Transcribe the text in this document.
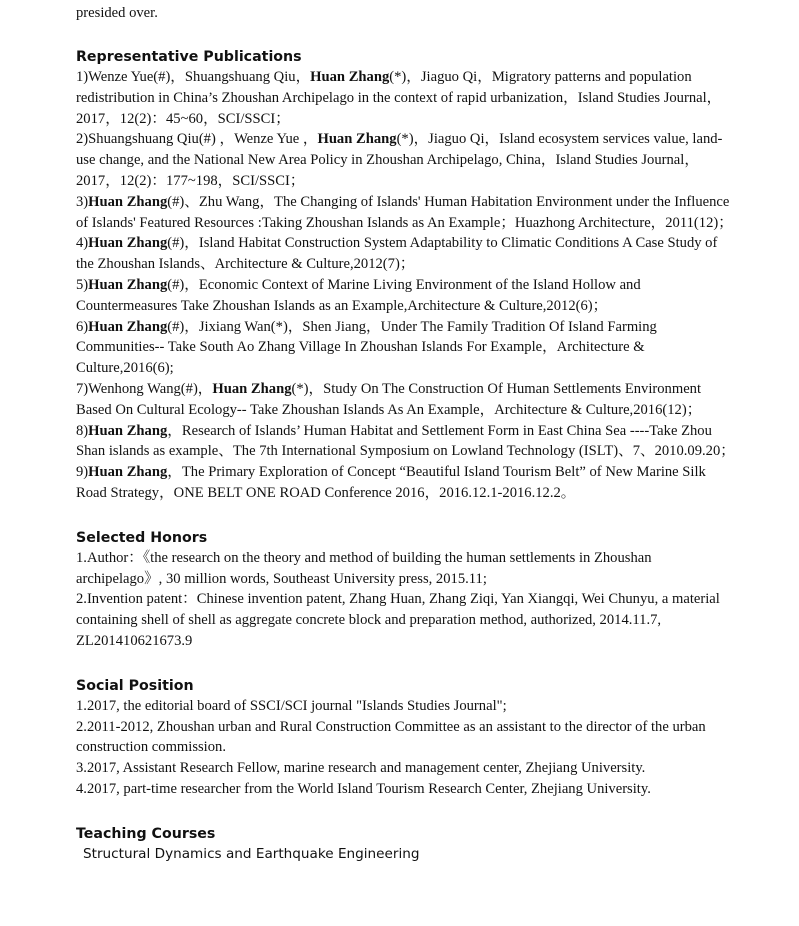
presided over.
Representative Publications

1)Wenze Yue(#)，Shuangshuang Qiu，Huan Zhang(*)，Jiaguo Qi，Migratory patterns and population redistribution in China’s Zhoushan Archipelago in the context of rapid urbanization，Island Studies Journal，2017，12(2)：45~60，SCI/SSCI；

2)Shuangshuang Qiu(#) ，Wenze Yue ，Huan Zhang(*)，Jiaguo Qi，Island ecosystem services value, land-use change, and the National New Area Policy in Zhoushan Archipelago, China，Island Studies Journal，2017，12(2)：177~198，SCI/SSCI；

3)Huan Zhang(#)、Zhu Wang，The Changing of Islands' Human Habitation Environment under the Influence of Islands' Featured Resources :Taking Zhoushan Islands as An Example；Huazhong Architecture，2011(12)；

4)Huan Zhang(#)，Island Habitat Construction System Adaptability to Climatic Conditions A Case Study of the Zhoushan Islands、Architecture & Culture,2012(7)；

5)Huan Zhang(#)，Economic Context of Marine Living Environment of the Island Hollow and Countermeasures Take Zhoushan Islands as an Example,Architecture & Culture,2012(6)；

6)Huan Zhang(#)，Jixiang Wan(*)，Shen Jiang，Under The Family Tradition Of Island Farming Communities-- Take South Ao Zhang Village In Zhoushan Islands For Example，Architecture & Culture,2016(6);

7)Wenhong Wang(#)，Huan Zhang(*)，Study On The Construction Of Human Settlements Environment Based On Cultural Ecology-- Take Zhoushan Islands As An Example，Architecture & Culture,2016(12)；

8)Huan Zhang，Research of Islands’ Human Habitat and Settlement Form in East China Sea ----Take Zhou Shan islands as example、The 7th International Symposium on Lowland Technology (ISLT)、7、2010.09.20；

9)Huan Zhang，The Primary Exploration of Concept “Beautiful Island Tourism Belt” of New Marine Silk Road Strategy，ONE BELT ONE ROAD Conference 2016，2016.12.1-2016.12.2。

Selected Honors

1.Author：《the research on the theory and method of building the human settlements in Zhoushan archipelago》, 30 million words, Southeast University press, 2015.11;

2.Invention patent：Chinese invention patent, Zhang Huan, Zhang Ziqi, Yan Xiangqi, Wei Chunyu, a material containing shell of shell as aggregate concrete block and preparation method, authorized, 2014.11.7, ZL201410621673.9

Social Position

1.2017, the editorial board of SSCI/SCI journal "Islands Studies Journal";

2.2011-2012, Zhoushan urban and Rural Construction Committee as an assistant to the director of the urban construction commission.

3.2017, Assistant Research Fellow, marine research and management center, Zhejiang University.

4.2017, part-time researcher from the World Island Tourism Research Center, Zhejiang University.

Teaching Courses

Structural Dynamics and Earthquake Engineering
